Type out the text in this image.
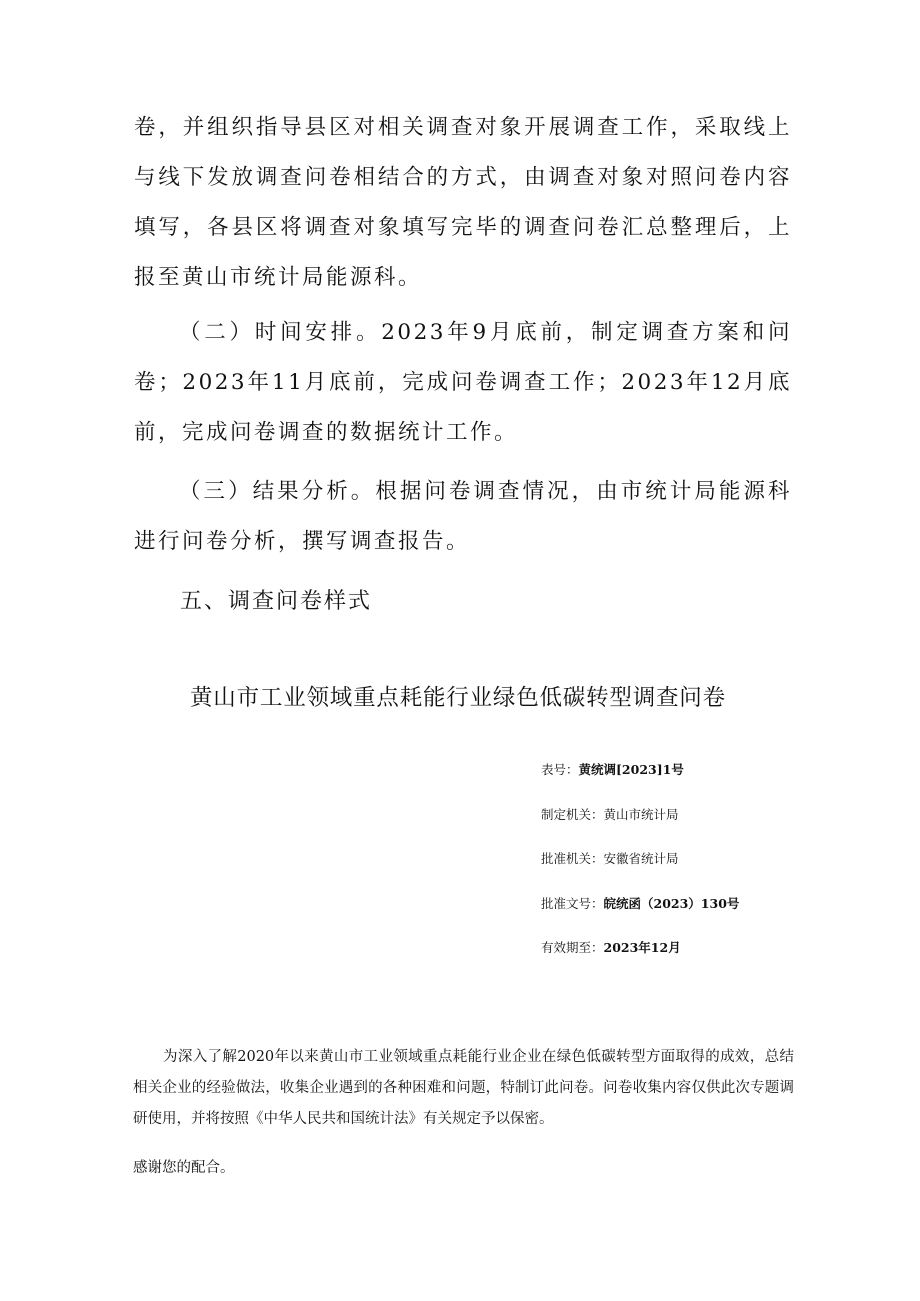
卷，并组织指导县区对相关调查对象开展调查工作，采取线上与线下发放调查问卷相结合的方式，由调查对象对照问卷内容填写，各县区将调查对象填写完毕的调查问卷汇总整理后，上报至黄山市统计局能源科。

（二）时间安排。2023年9月底前，制定调查方案和问卷；2023年11月底前，完成问卷调查工作；2023年12月底前，完成问卷调查的数据统计工作。

（三）结果分析。根据问卷调查情况，由市统计局能源科进行问卷分析，撰写调查报告。

五、调查问卷样式
黄山市工业领域重点耗能行业绿色低碳转型调查问卷
表号：黄统调[2023]1号
制定机关：黄山市统计局
批准机关：安徽省统计局
批准文号：皖统函（2023）130号
有效期至：2023年12月

为深入了解2020年以来黄山市工业领域重点耗能行业企业在绿色低碳转型方面取得的成效，总结相关企业的经验做法，收集企业遇到的各种困难和问题，特制订此问卷。问卷收集内容仅供此次专题调研使用，并将按照《中华人民共和国统计法》有关规定予以保密。

感谢您的配合。
